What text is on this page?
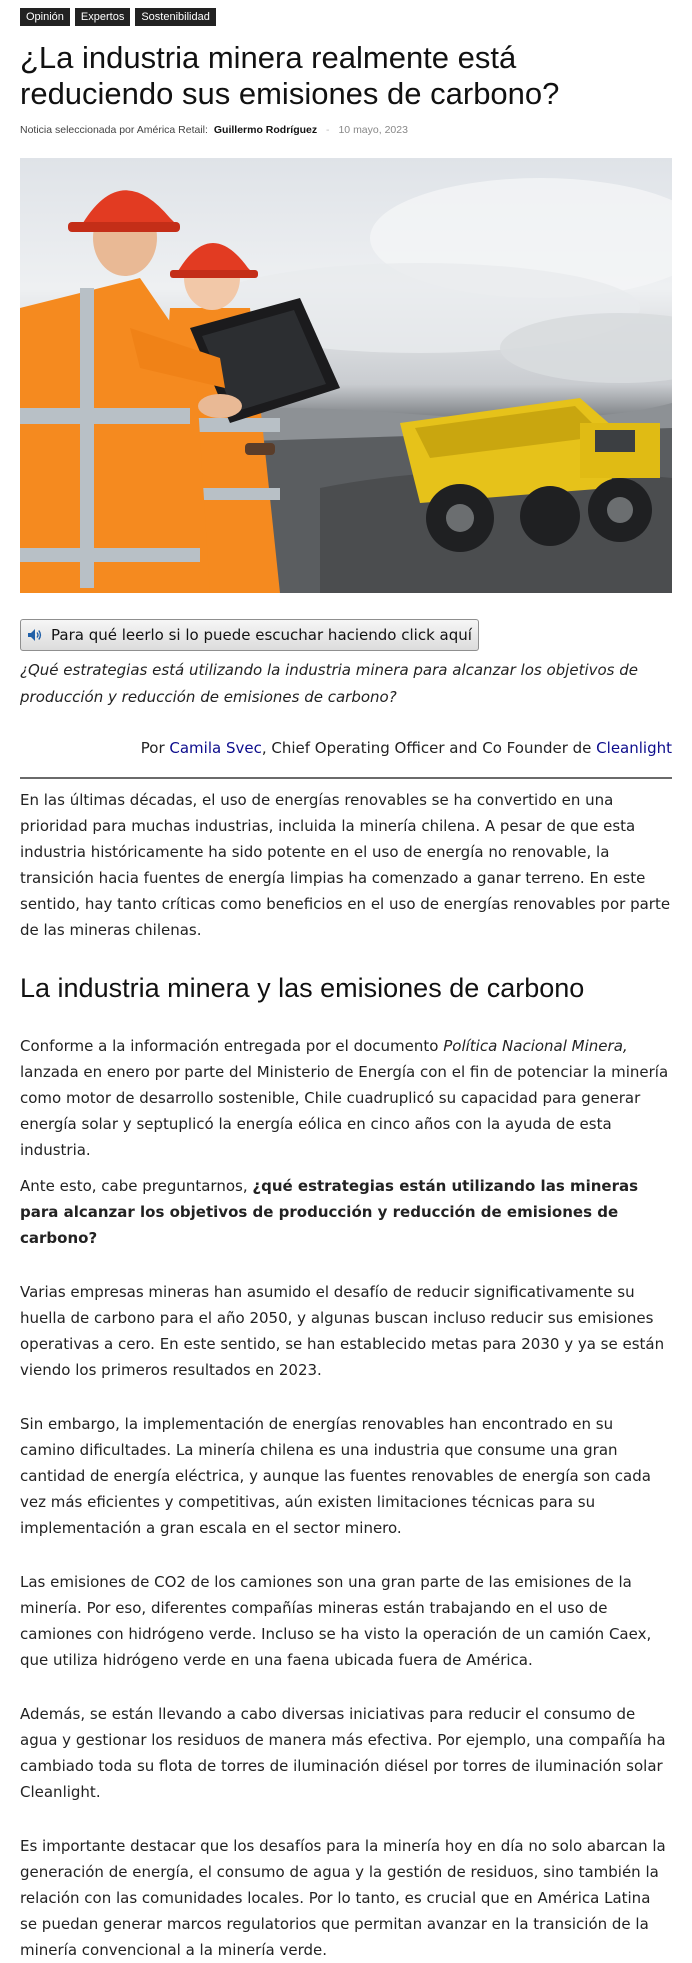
Opinión	Expertos	Sostenibilidad
¿La industria minera realmente está reduciendo sus emisiones de carbono?
Noticia seleccionada por América Retail: Guillermo Rodríguez - 10 mayo, 2023
Para qué leerlo si lo puede escuchar haciendo click aquí

¿Qué estrategias está utilizando la industria minera para alcanzar los objetivos de producción y reducción de emisiones de carbono?

Por Camila Svec, Chief Operating Officer and Co Founder de Cleanlight

En las últimas décadas, el uso de energías renovables se ha convertido en una prioridad para muchas industrias, incluida la minería chilena. A pesar de que esta industria históricamente ha sido potente en el uso de energía no renovable, la transición hacia fuentes de energía limpias ha comenzado a ganar terreno. En este sentido, hay tanto críticas como beneficios en el uso de energías renovables por parte de las mineras chilenas.

La industria minera y las emisiones de carbono

Conforme a la información entregada por el documento Política Nacional Minera, lanzada en enero por parte del Ministerio de Energía con el fin de potenciar la minería como motor de desarrollo sostenible, Chile cuadruplicó su capacidad para generar energía solar y septuplicó la energía eólica en cinco años con la ayuda de esta industria.

Ante esto, cabe preguntarnos, ¿qué estrategias están utilizando las mineras para alcanzar los objetivos de producción y reducción de emisiones de carbono?

Varias empresas mineras han asumido el desafío de reducir significativamente su huella de carbono para el año 2050, y algunas buscan incluso reducir sus emisiones operativas a cero. En este sentido, se han establecido metas para 2030 y ya se están viendo los primeros resultados en 2023.

Sin embargo, la implementación de energías renovables han encontrado en su camino dificultades. La minería chilena es una industria que consume una gran cantidad de energía eléctrica, y aunque las fuentes renovables de energía son cada vez más eficientes y competitivas, aún existen limitaciones técnicas para su implementación a gran escala en el sector minero.

Las emisiones de CO2 de los camiones son una gran parte de las emisiones de la minería. Por eso, diferentes compañías mineras están trabajando en el uso de camiones con hidrógeno verde. Incluso se ha visto la operación de un camión Caex, que utiliza hidrógeno verde en una faena ubicada fuera de América.

Además, se están llevando a cabo diversas iniciativas para reducir el consumo de agua y gestionar los residuos de manera más efectiva. Por ejemplo, una compañía ha cambiado toda su flota de torres de iluminación diésel por torres de iluminación solar Cleanlight.

Es importante destacar que los desafíos para la minería hoy en día no solo abarcan la generación de energía, el consumo de agua y la gestión de residuos, sino también la relación con las comunidades locales. Por lo tanto, es crucial que en América Latina se puedan generar marcos regulatorios que permitan avanzar en la transición de la minería convencional a la minería verde.
